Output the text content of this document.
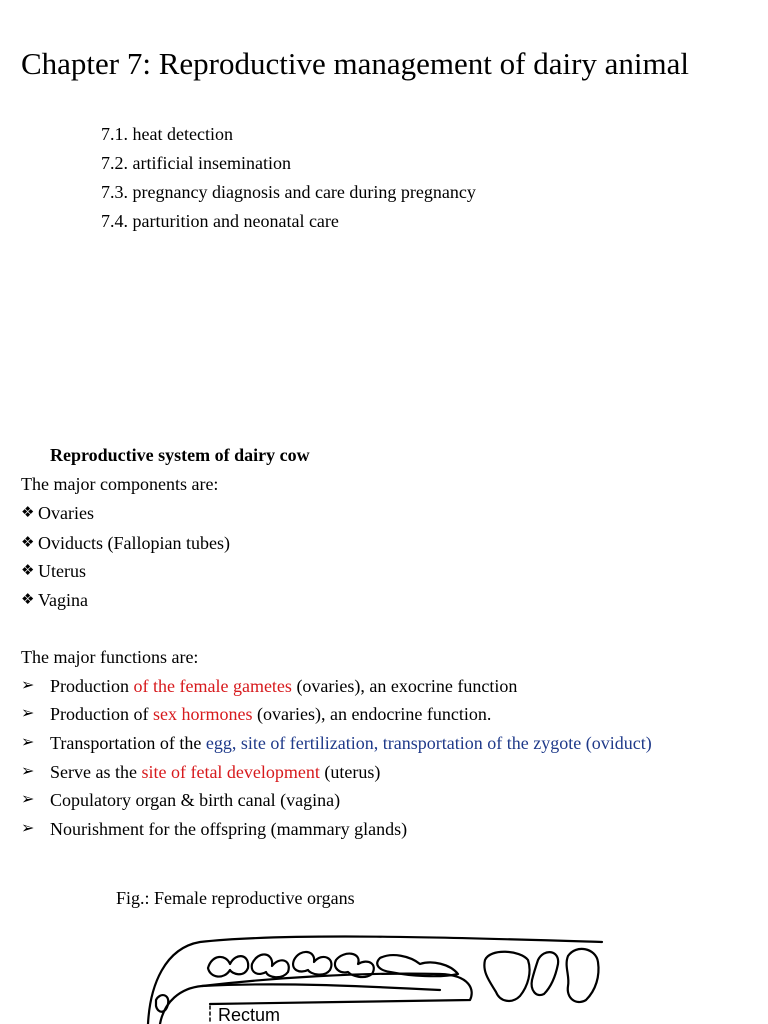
Chapter 7: Reproductive management of dairy animal
7.1. heat detection
7.2. artificial insemination
7.3. pregnancy diagnosis and care during pregnancy
7.4. parturition and neonatal care
Reproductive system of dairy cow
The major components are:
❖ Ovaries
❖ Oviducts (Fallopian tubes)
❖ Uterus
❖ Vagina
The major functions are:
➢ Production of the female gametes (ovaries), an exocrine function
➢ Production of sex hormones (ovaries), an endocrine function.
➢ Transportation of the egg, site of fertilization, transportation of the zygote (oviduct)
➢ Serve as the site of fetal development (uterus)
➢ Copulatory organ & birth canal (vagina)
➢ Nourishment for the offspring (mammary glands)
Fig.: Female reproductive organs
Rectum
